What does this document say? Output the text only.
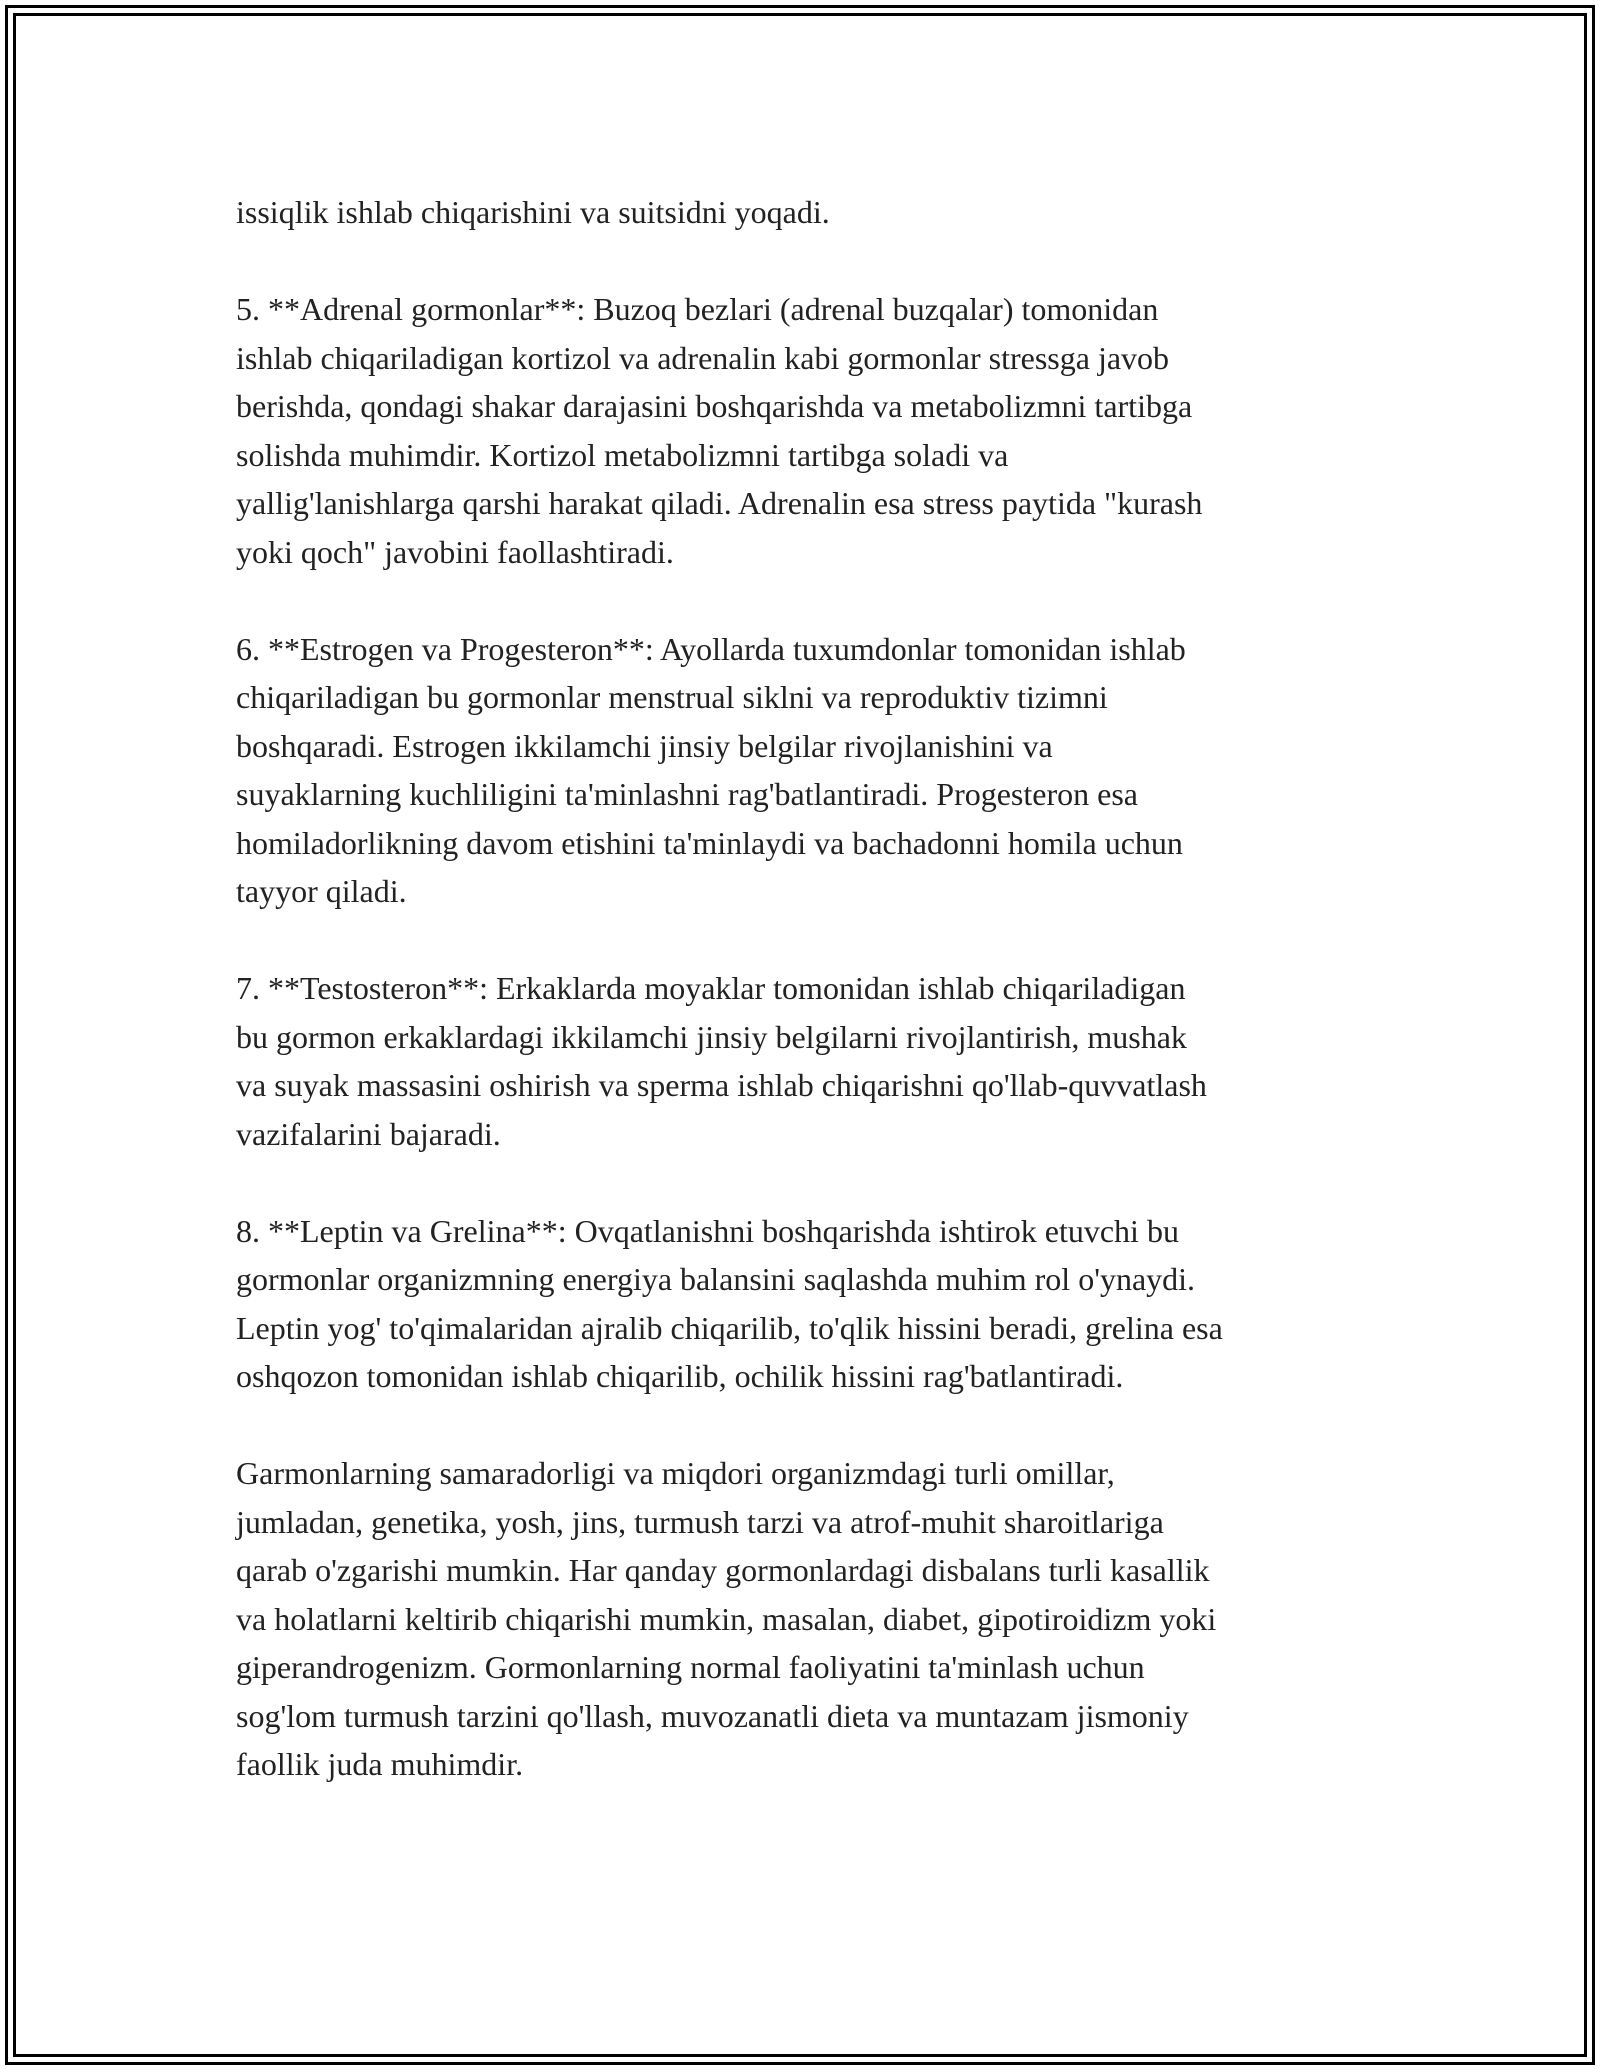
issiqlik ishlab chiqarishini va suitsidni yoqadi.

5. **Adrenal gormonlar**: Buzoq bezlari (adrenal buzqalar) tomonidan
ishlab chiqariladigan kortizol va adrenalin kabi gormonlar stressga javob
berishda, qondagi shakar darajasini boshqarishda va metabolizmni tartibga
solishda muhimdir. Kortizol metabolizmni tartibga soladi va
yallig'lanishlarga qarshi harakat qiladi. Adrenalin esa stress paytida "kurash
yoki qoch" javobini faollashtiradi.

6. **Estrogen va Progesteron**: Ayollarda tuxumdonlar tomonidan ishlab
chiqariladigan bu gormonlar menstrual siklni va reproduktiv tizimni
boshqaradi. Estrogen ikkilamchi jinsiy belgilar rivojlanishini va
suyaklarning kuchliligini ta'minlashni rag'batlantiradi. Progesteron esa
homiladorlikning davom etishini ta'minlaydi va bachadonni homila uchun
tayyor qiladi.

7. **Testosteron**: Erkaklarda moyaklar tomonidan ishlab chiqariladigan
bu gormon erkaklardagi ikkilamchi jinsiy belgilarni rivojlantirish, mushak
va suyak massasini oshirish va sperma ishlab chiqarishni qo'llab-quvvatlash
vazifalarini bajaradi.

8. **Leptin va Grelina**: Ovqatlanishni boshqarishda ishtirok etuvchi bu
gormonlar organizmning energiya balansini saqlashda muhim rol o'ynaydi.
Leptin yog' to'qimalaridan ajralib chiqarilib, to'qlik hissini beradi, grelina esa
oshqozon tomonidan ishlab chiqarilib, ochilik hissini rag'batlantiradi.

Garmonlarning samaradorligi va miqdori organizmdagi turli omillar,
jumladan, genetika, yosh, jins, turmush tarzi va atrof-muhit sharoitlariga
qarab o'zgarishi mumkin. Har qanday gormonlardagi disbalans turli kasallik
va holatlarni keltirib chiqarishi mumkin, masalan, diabet, gipotiroidizm yoki
giperandrogenizm. Gormonlarning normal faoliyatini ta'minlash uchun
sog'lom turmush tarzini qo'llash, muvozanatli dieta va muntazam jismoniy
faollik juda muhimdir.
